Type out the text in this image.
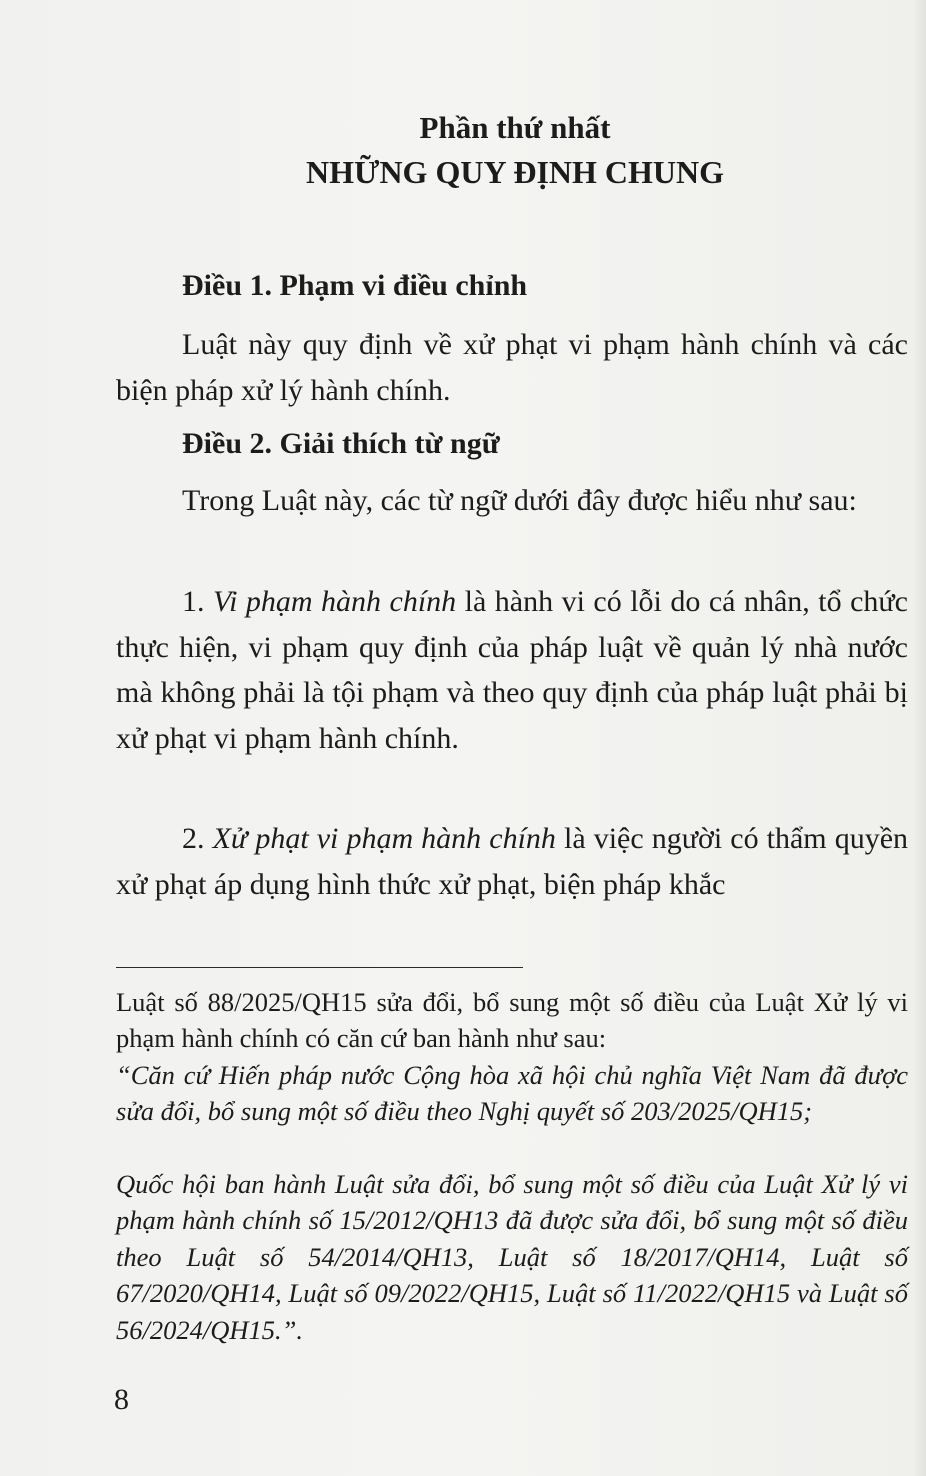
Phần thứ nhất
NHỮNG QUY ĐỊNH CHUNG
Điều 1. Phạm vi điều chỉnh

Luật này quy định về xử phạt vi phạm hành chính và các biện pháp xử lý hành chính.

Điều 2. Giải thích từ ngữ

Trong Luật này, các từ ngữ dưới đây được hiểu như sau:

1. Vi phạm hành chính là hành vi có lỗi do cá nhân, tổ chức thực hiện, vi phạm quy định của pháp luật về quản lý nhà nước mà không phải là tội phạm và theo quy định của pháp luật phải bị xử phạt vi phạm hành chính.

2. Xử phạt vi phạm hành chính là việc người có thẩm quyền xử phạt áp dụng hình thức xử phạt, biện pháp khắc

Luật số 88/2025/QH15 sửa đổi, bổ sung một số điều của Luật Xử lý vi phạm hành chính có căn cứ ban hành như sau:

“Căn cứ Hiến pháp nước Cộng hòa xã hội chủ nghĩa Việt Nam đã được sửa đổi, bổ sung một số điều theo Nghị quyết số 203/2025/QH15;

Quốc hội ban hành Luật sửa đổi, bổ sung một số điều của Luật Xử lý vi phạm hành chính số 15/2012/QH13 đã được sửa đổi, bổ sung một số điều theo Luật số 54/2014/QH13, Luật số 18/2017/QH14, Luật số 67/2020/QH14, Luật số 09/2022/QH15, Luật số 11/2022/QH15 và Luật số 56/2024/QH15.”.

8
